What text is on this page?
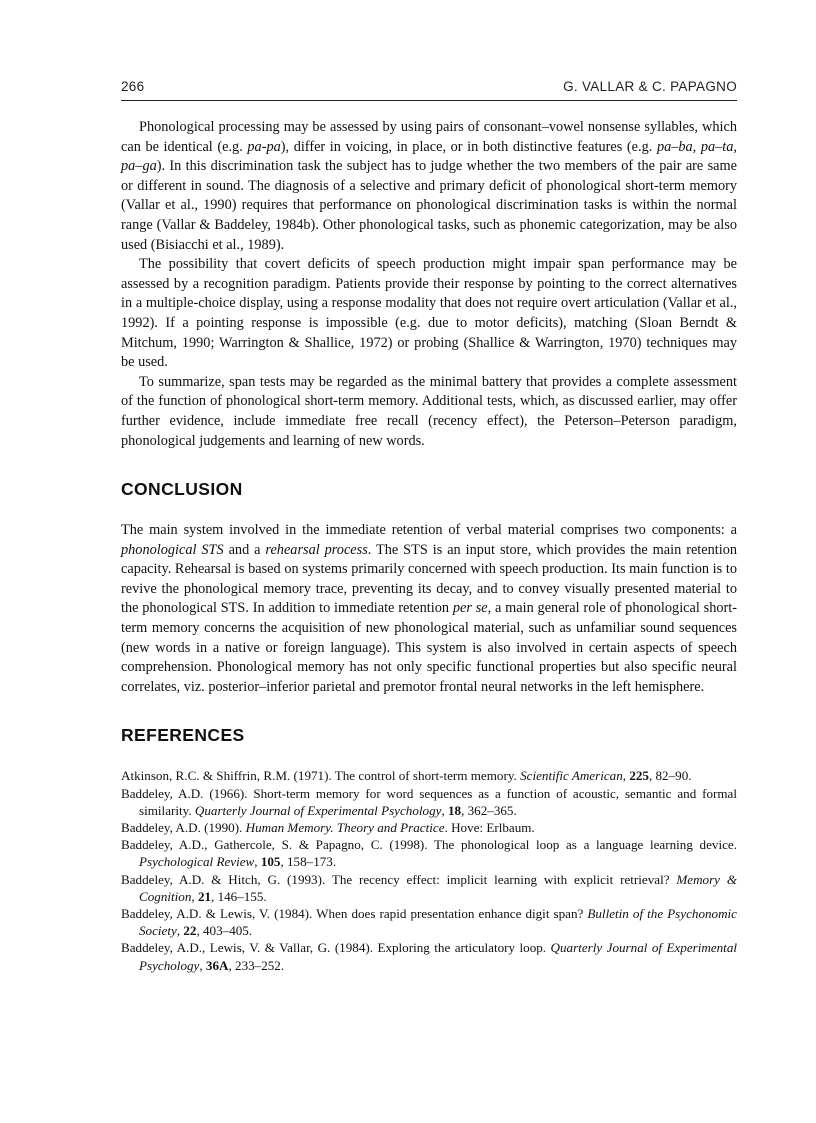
266	G. VALLAR & C. PAPAGNO

Phonological processing may be assessed by using pairs of consonant–vowel nonsense syllables, which can be identical (e.g. pa-pa), differ in voicing, in place, or in both distinctive features (e.g. pa–ba, pa–ta, pa–ga). In this discrimination task the subject has to judge whether the two members of the pair are same or different in sound. The diagnosis of a selective and primary deficit of phonological short-term memory (Vallar et al., 1990) requires that performance on phonological discrimination tasks is within the normal range (Vallar & Baddeley, 1984b). Other phonological tasks, such as phonemic categorization, may be also used (Bisiacchi et al., 1989).

The possibility that covert deficits of speech production might impair span performance may be assessed by a recognition paradigm. Patients provide their response by pointing to the correct alternatives in a multiple-choice display, using a response modality that does not require overt articulation (Vallar et al., 1992). If a pointing response is impossible (e.g. due to motor deficits), matching (Sloan Berndt & Mitchum, 1990; Warrington & Shallice, 1972) or probing (Shallice & Warrington, 1970) techniques may be used.

To summarize, span tests may be regarded as the minimal battery that provides a complete assessment of the function of phonological short-term memory. Additional tests, which, as discussed earlier, may offer further evidence, include immediate free recall (recency effect), the Peterson–Peterson paradigm, phonological judgements and learning of new words.

CONCLUSION

The main system involved in the immediate retention of verbal material comprises two components: a phonological STS and a rehearsal process. The STS is an input store, which provides the main retention capacity. Rehearsal is based on systems primarily concerned with speech production. Its main function is to revive the phonological memory trace, preventing its decay, and to convey visually presented material to the phonological STS. In addition to immediate retention per se, a main general role of phonological short-term memory concerns the acquisition of new phonological material, such as unfamiliar sound sequences (new words in a native or foreign language). This system is also involved in certain aspects of speech comprehension. Phonological memory has not only specific functional properties but also specific neural correlates, viz. posterior–inferior parietal and premotor frontal neural networks in the left hemisphere.

REFERENCES
Atkinson, R.C. & Shiffrin, R.M. (1971). The control of short-term memory. Scientific American, 225, 82–90.
Baddeley, A.D. (1966). Short-term memory for word sequences as a function of acoustic, semantic and formal similarity. Quarterly Journal of Experimental Psychology, 18, 362–365.
Baddeley, A.D. (1990). Human Memory. Theory and Practice. Hove: Erlbaum.
Baddeley, A.D., Gathercole, S. & Papagno, C. (1998). The phonological loop as a language learning device. Psychological Review, 105, 158–173.
Baddeley, A.D. & Hitch, G. (1993). The recency effect: implicit learning with explicit retrieval? Memory & Cognition, 21, 146–155.
Baddeley, A.D. & Lewis, V. (1984). When does rapid presentation enhance digit span? Bulletin of the Psychonomic Society, 22, 403–405.
Baddeley, A.D., Lewis, V. & Vallar, G. (1984). Exploring the articulatory loop. Quarterly Journal of Experimental Psychology, 36A, 233–252.
